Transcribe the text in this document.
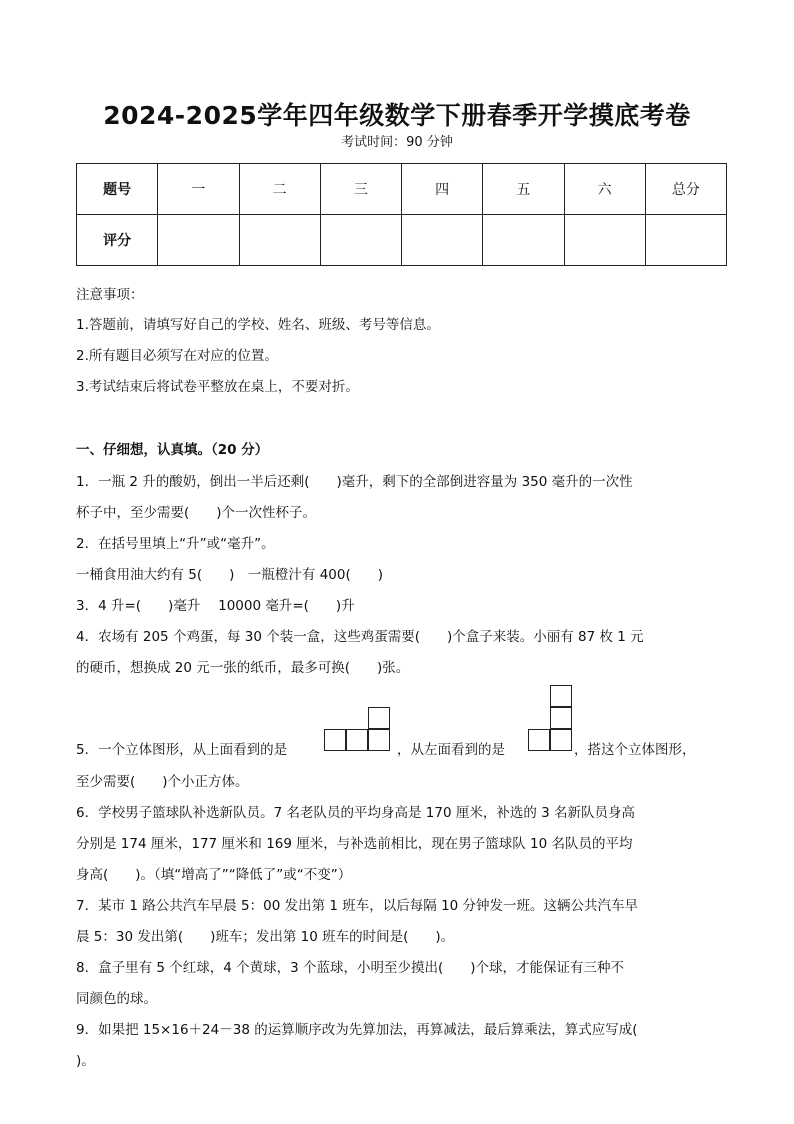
2024-2025学年四年级数学下册春季开学摸底考卷
考试时间：90 分钟
题号	一	二	三	四	五	六	总分
评分							
注意事项：
1.答题前，请填写好自己的学校、姓名、班级、考号等信息。
2.所有题目必须写在对应的位置。
3.考试结束后将试卷平整放在桌上，不要对折。
一、仔细想，认真填。（20 分）
1．一瓶 2 升的酸奶，倒出一半后还剩(　　)毫升，剩下的全部倒进容量为 350 毫升的一次性
杯子中，至少需要(　　)个一次性杯子。
2．在括号里填上“升”或“毫升”。
一桶食用油大约有 5(　　)　一瓶橙汁有 400(　　)
3．4 升=(　　)毫升　 10000 毫升=(　　)升
4．农场有 205 个鸡蛋，每 30 个装一盒，这些鸡蛋需要(　　)个盒子来装。小丽有 87 枚 1 元
的硬币，想换成 20 元一张的纸币，最多可换(　　)张。
5．一个立体图形，从上面看到的是	，从左面看到的是	，搭这个立体图形，
至少需要(　　)个小正方体。
6．学校男子篮球队补选新队员。7 名老队员的平均身高是 170 厘米，补选的 3 名新队员身高
分别是 174 厘米，177 厘米和 169 厘米，与补选前相比，现在男子篮球队 10 名队员的平均
身高(　　)。（填“增高了”“降低了”或“不变”）
7．某市 1 路公共汽车早晨 5：00 发出第 1 班车，以后每隔 10 分钟发一班。这辆公共汽车早
晨 5：30 发出第(　　)班车；发出第 10 班车的时间是(　　)。
8．盒子里有 5 个红球，4 个黄球，3 个蓝球，小明至少摸出(　　)个球，才能保证有三种不
同颜色的球。
9．如果把 15×16＋24－38 的运算顺序改为先算加法，再算减法，最后算乘法，算式应写成(
)。
